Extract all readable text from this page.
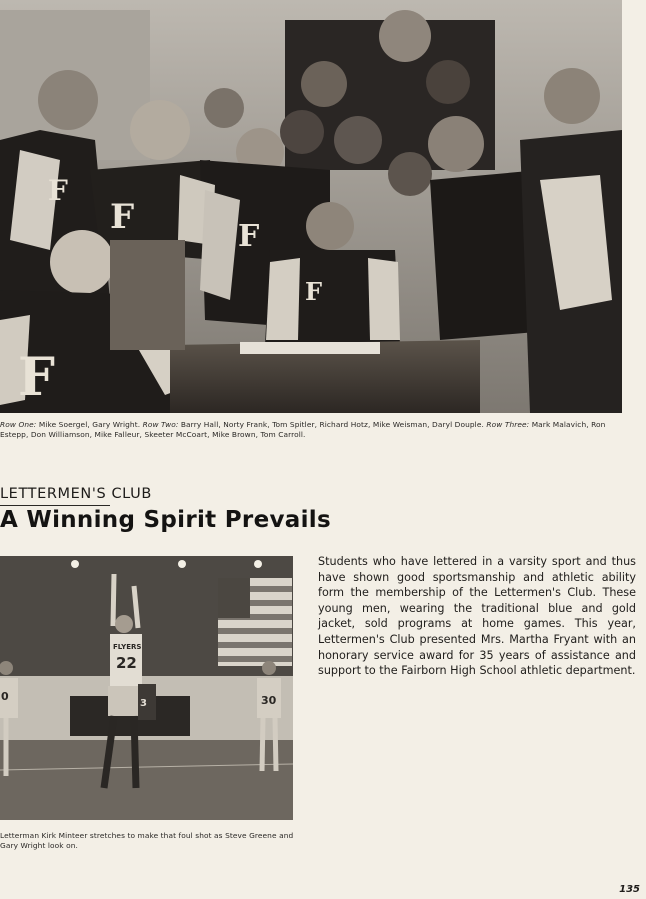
F
F	F
F
F
Row One: Mike Soergel, Gary Wright. Row Two: Barry Hall, Norty Frank, Tom Spitler, Richard Hotz, Mike Weisman, Daryl Douple. Row Three: Mark Malavich, Ron Estepp, Don Williamson, Mike Falleur, Skeeter McCoart, Mike Brown, Tom Carroll.
LETTERMEN'S CLUB
A Winning Spirit Prevails
FLYERS
22
30
0
3
Letterman Kirk Minteer stretches to make that foul shot as Steve Greene and Gary Wright look on.
Students who have lettered in a varsity sport and thus have shown good sportsmanship and athletic ability form the membership of the Lettermen's Club. These young men, wearing the traditional blue and gold jacket, sold programs at home games. This year, Lettermen's Club presented Mrs. Martha Fryant with an honorary service award for 35 years of assistance and support to the Fairborn High School athletic department.
135
